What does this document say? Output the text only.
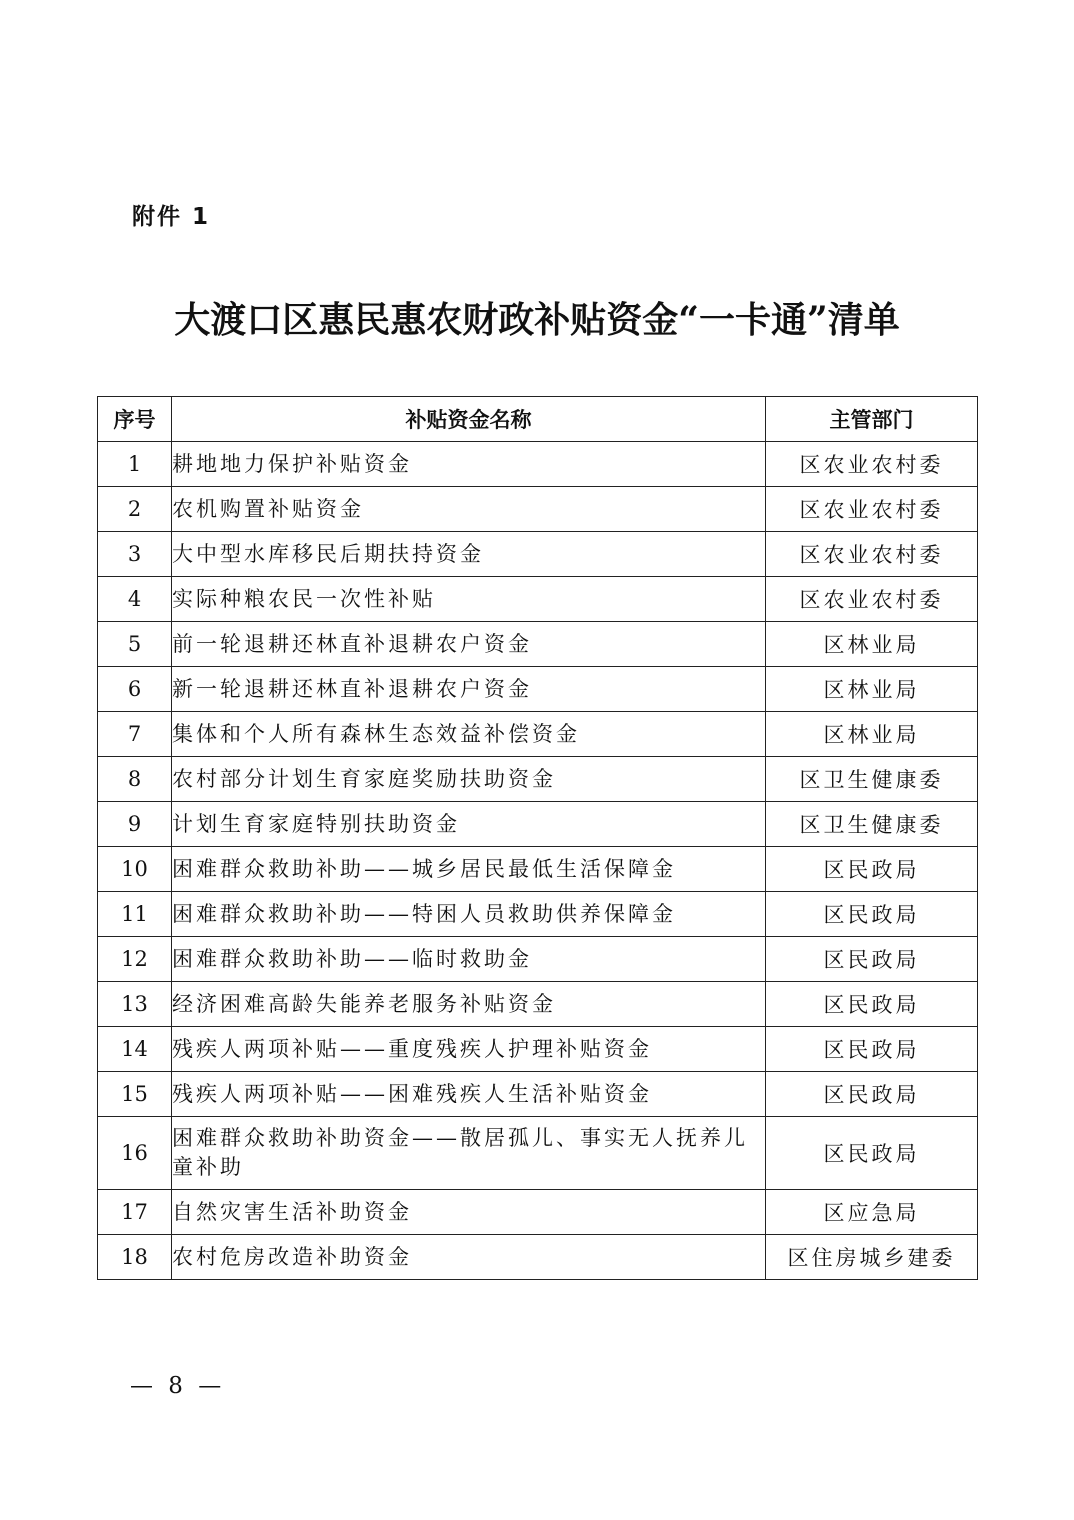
附件 1
大渡口区惠民惠农财政补贴资金“一卡通”清单
序号	补贴资金名称	主管部门
1	耕地地力保护补贴资金	区农业农村委
2	农机购置补贴资金	区农业农村委
3	大中型水库移民后期扶持资金	区农业农村委
4	实际种粮农民一次性补贴	区农业农村委
5	前一轮退耕还林直补退耕农户资金	区林业局
6	新一轮退耕还林直补退耕农户资金	区林业局
7	集体和个人所有森林生态效益补偿资金	区林业局
8	农村部分计划生育家庭奖励扶助资金	区卫生健康委
9	计划生育家庭特别扶助资金	区卫生健康委
10	困难群众救助补助——城乡居民最低生活保障金	区民政局
11	困难群众救助补助——特困人员救助供养保障金	区民政局
12	困难群众救助补助——临时救助金	区民政局
13	经济困难高龄失能养老服务补贴资金	区民政局
14	残疾人两项补贴——重度残疾人护理补贴资金	区民政局
15	残疾人两项补贴——困难残疾人生活补贴资金	区民政局
16	困难群众救助补助资金——散居孤儿、事实无人抚养儿童补助	区民政局
17	自然灾害生活补助资金	区应急局
18	农村危房改造补助资金	区住房城乡建委
— 8 —
